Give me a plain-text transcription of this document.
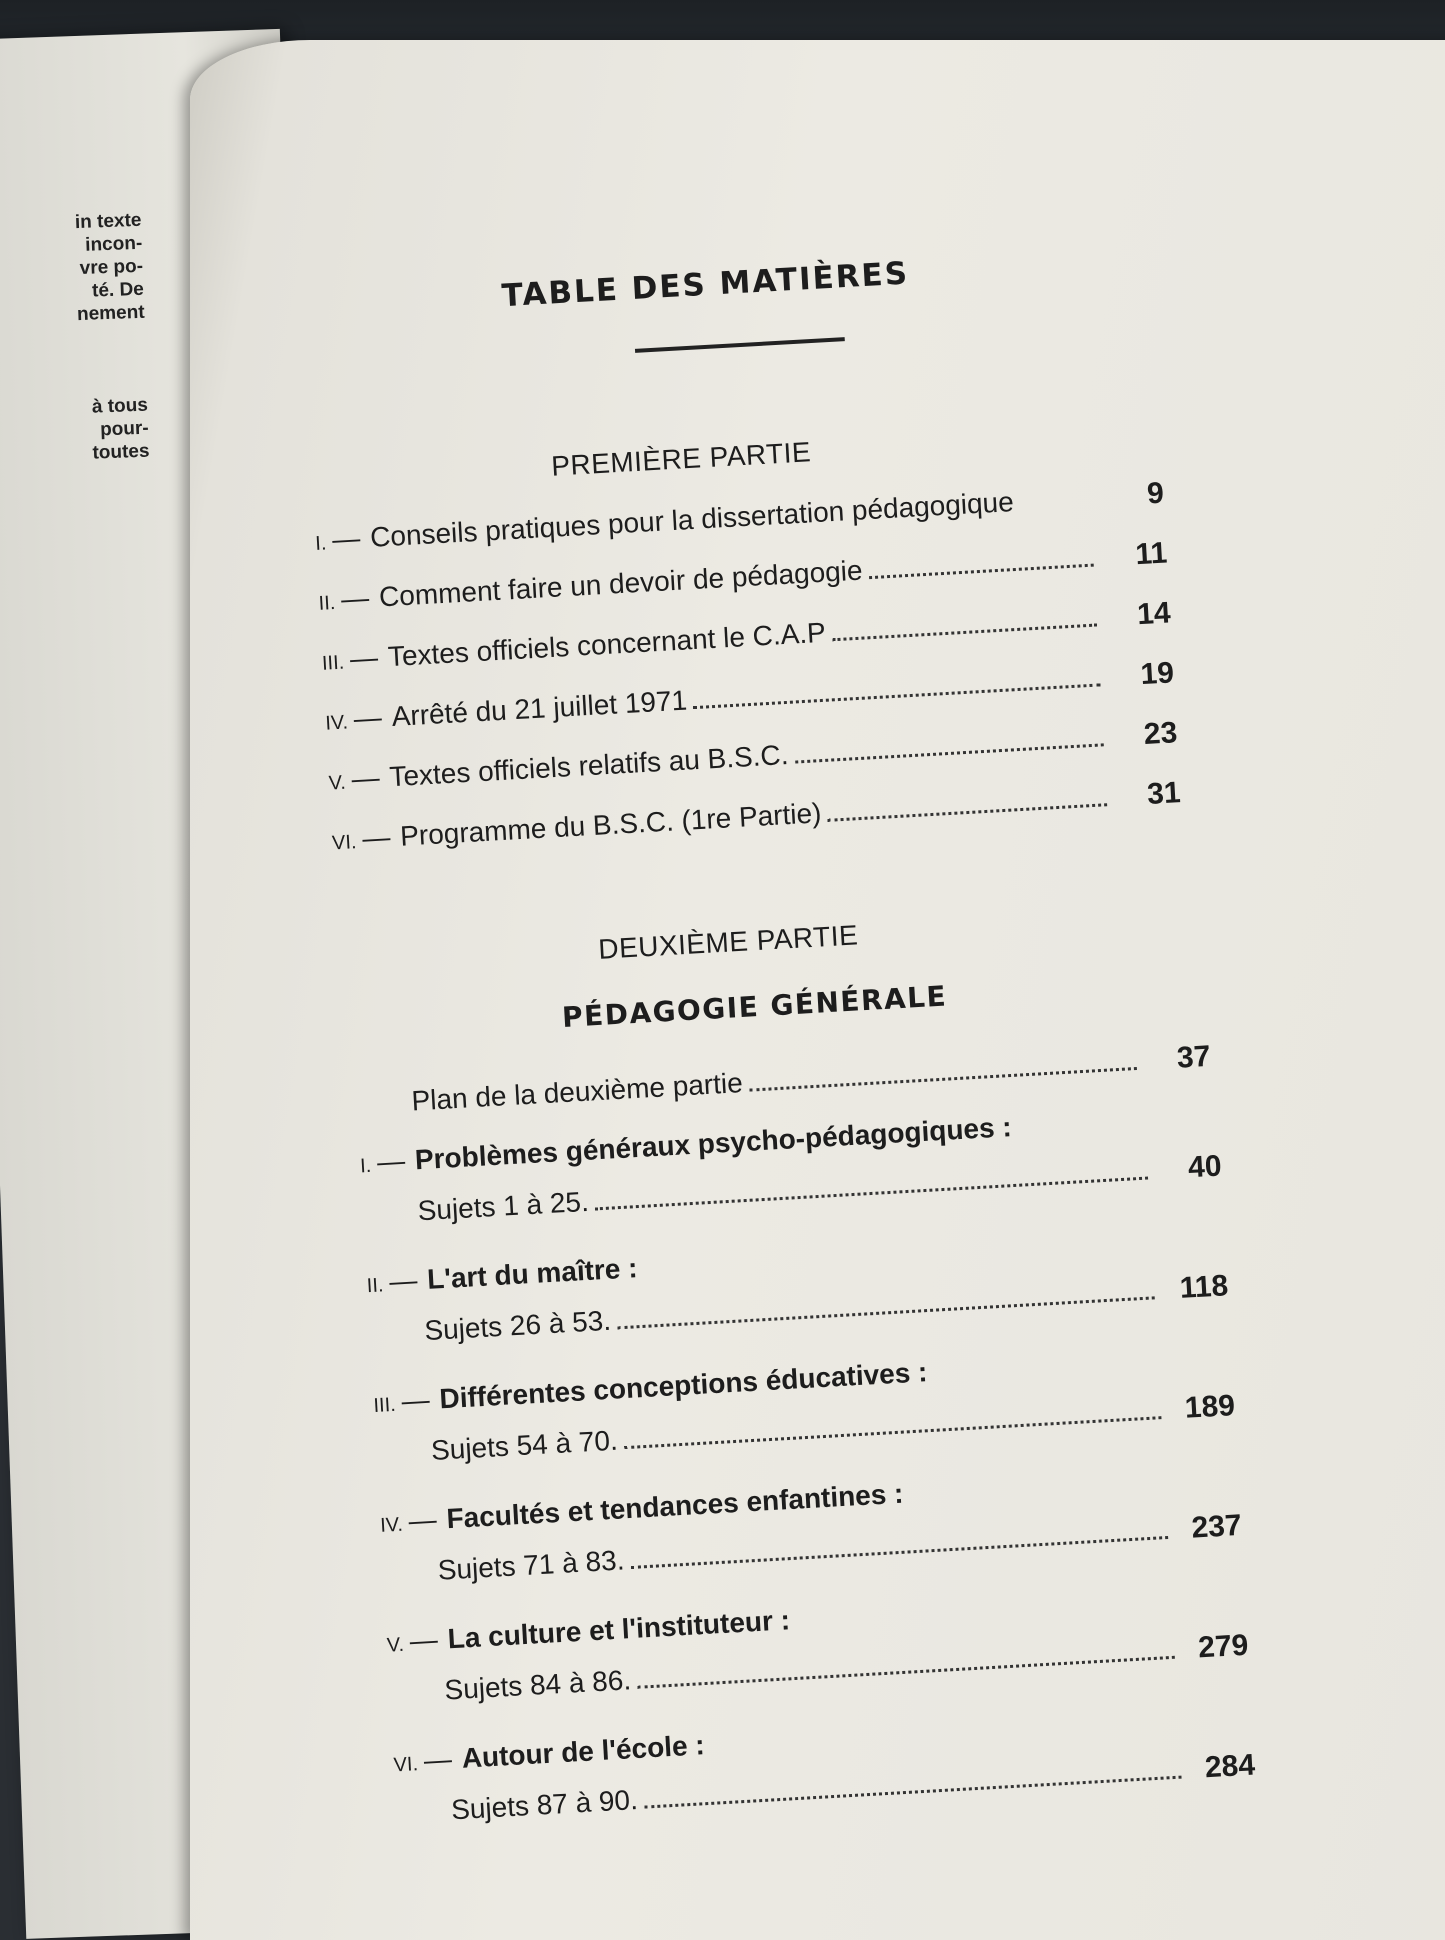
in texte
incon-
vre po-
té. De
nement
à tous
pour-
toutes
TABLE DES MATIÈRES
PREMIÈRE PARTIE
I. — Conseils pratiques pour la dissertation pédagogique	9
II. — Comment faire un devoir de pédagogie
11
III. — Textes officiels concernant le C.A.P
14
IV. — Arrêté du 21 juillet 1971
19
V. — Textes officiels relatifs au B.S.C.
23
VI. — Programme du B.S.C. (1re Partie)
31
DEUXIÈME PARTIE
PÉDAGOGIE GÉNÉRALE
Plan de la deuxième partie
37
I. — Problèmes généraux psycho-pédagogiques :
Sujets 1 à 25.
40
II. — L'art du maître :
Sujets 26 à 53.
118
III. — Différentes conceptions éducatives :
Sujets 54 à 70.
189
IV. — Facultés et tendances enfantines :
Sujets 71 à 83.
237
V. — La culture et l'instituteur :
Sujets 84 à 86.
279
VI. — Autour de l'école :
Sujets 87 à 90.
284
